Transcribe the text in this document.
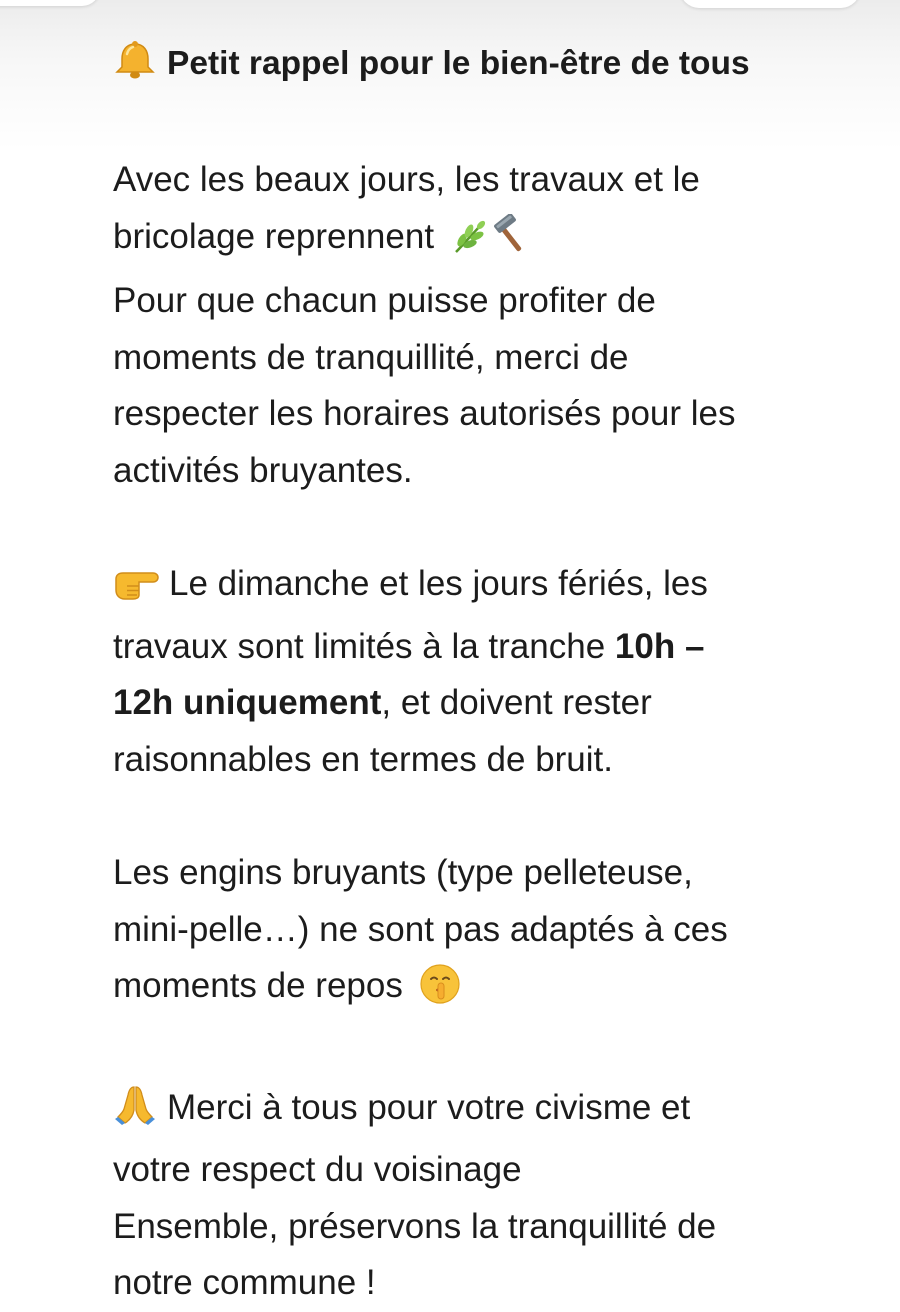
Petit rappel pour le bien-être de tous

Avec les beaux jours, les travaux et le
bricolage reprennent
Pour que chacun puisse profiter de
moments de tranquillité, merci de
respecter les horaires autorisés pour les
activités bruyantes.

Le dimanche et les jours fériés, les
travaux sont limités à la tranche 10h –
12h uniquement, et doivent rester
raisonnables en termes de bruit.

Les engins bruyants (type pelleteuse,
mini-pelle…) ne sont pas adaptés à ces
moments de repos

Merci à tous pour votre civisme et
votre respect du voisinage
Ensemble, préservons la tranquillité de
notre commune !
